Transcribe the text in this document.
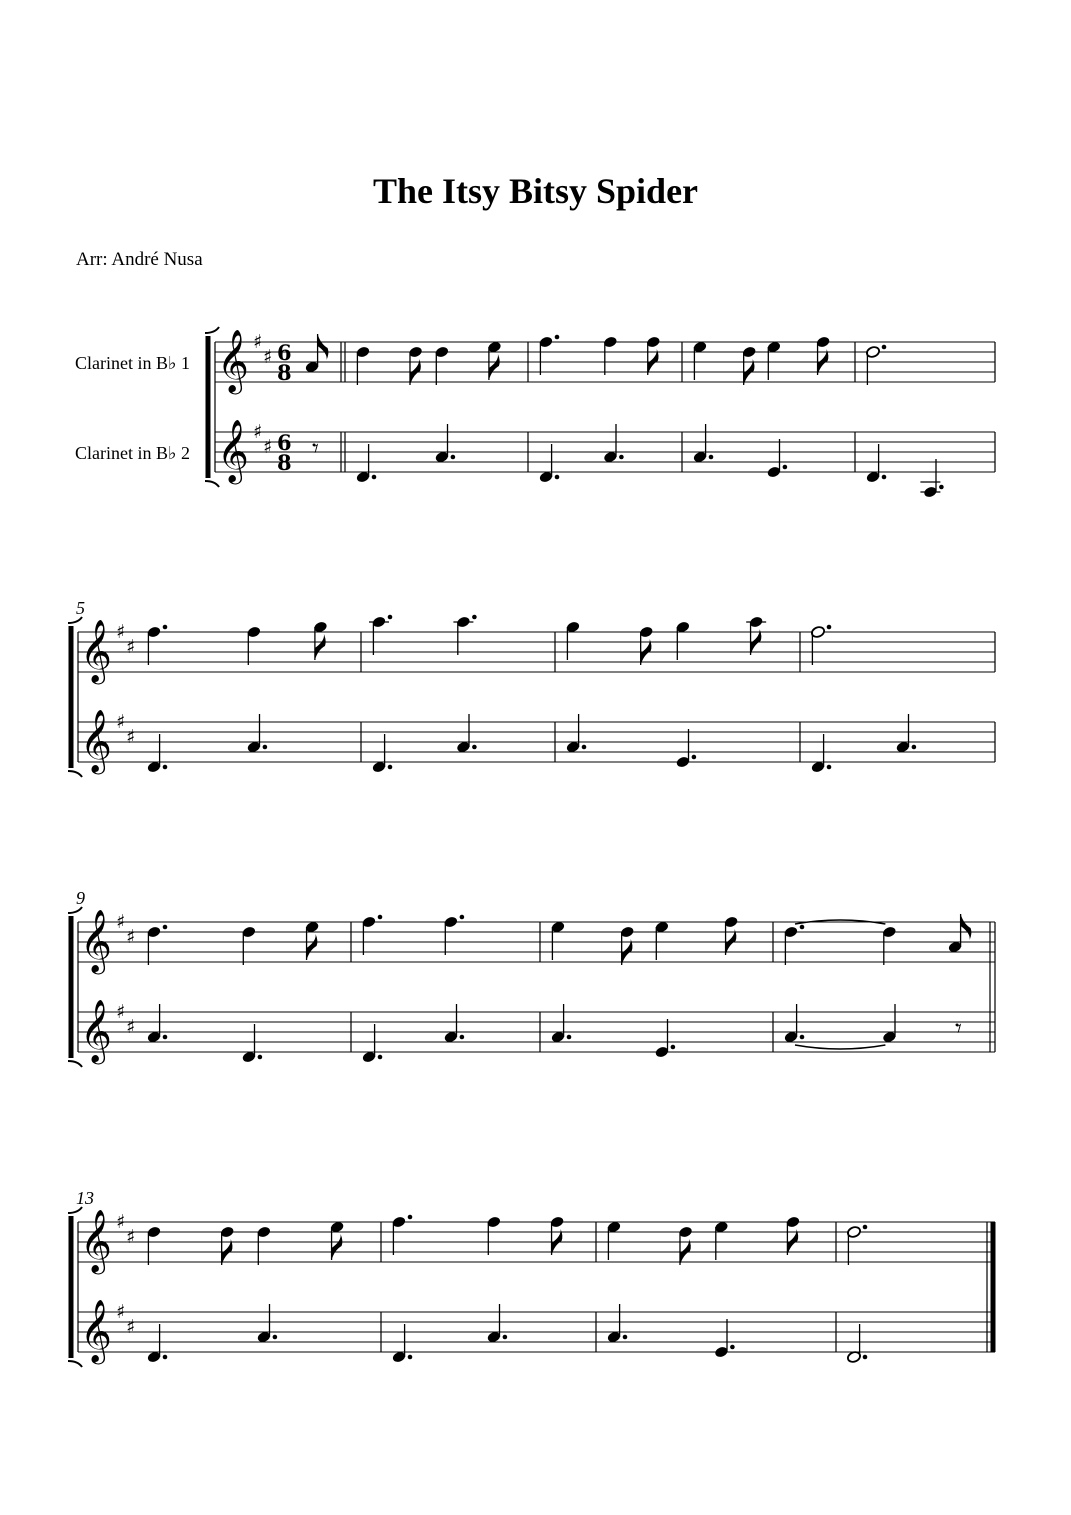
The Itsy Bitsy Spider
Arr: André Nusa
𝄞 ♯
♯
𝄞 ♯
♯
Clarinet in B♭ 1
Clarinet in B♭ 2
6
8
6
8 𝄾
𝄞 ♯
♯
𝄞 ♯
♯
5
𝄞 ♯
♯
𝄞 ♯
♯
9
𝄾
𝄞 ♯
♯
𝄞 ♯
♯
13
